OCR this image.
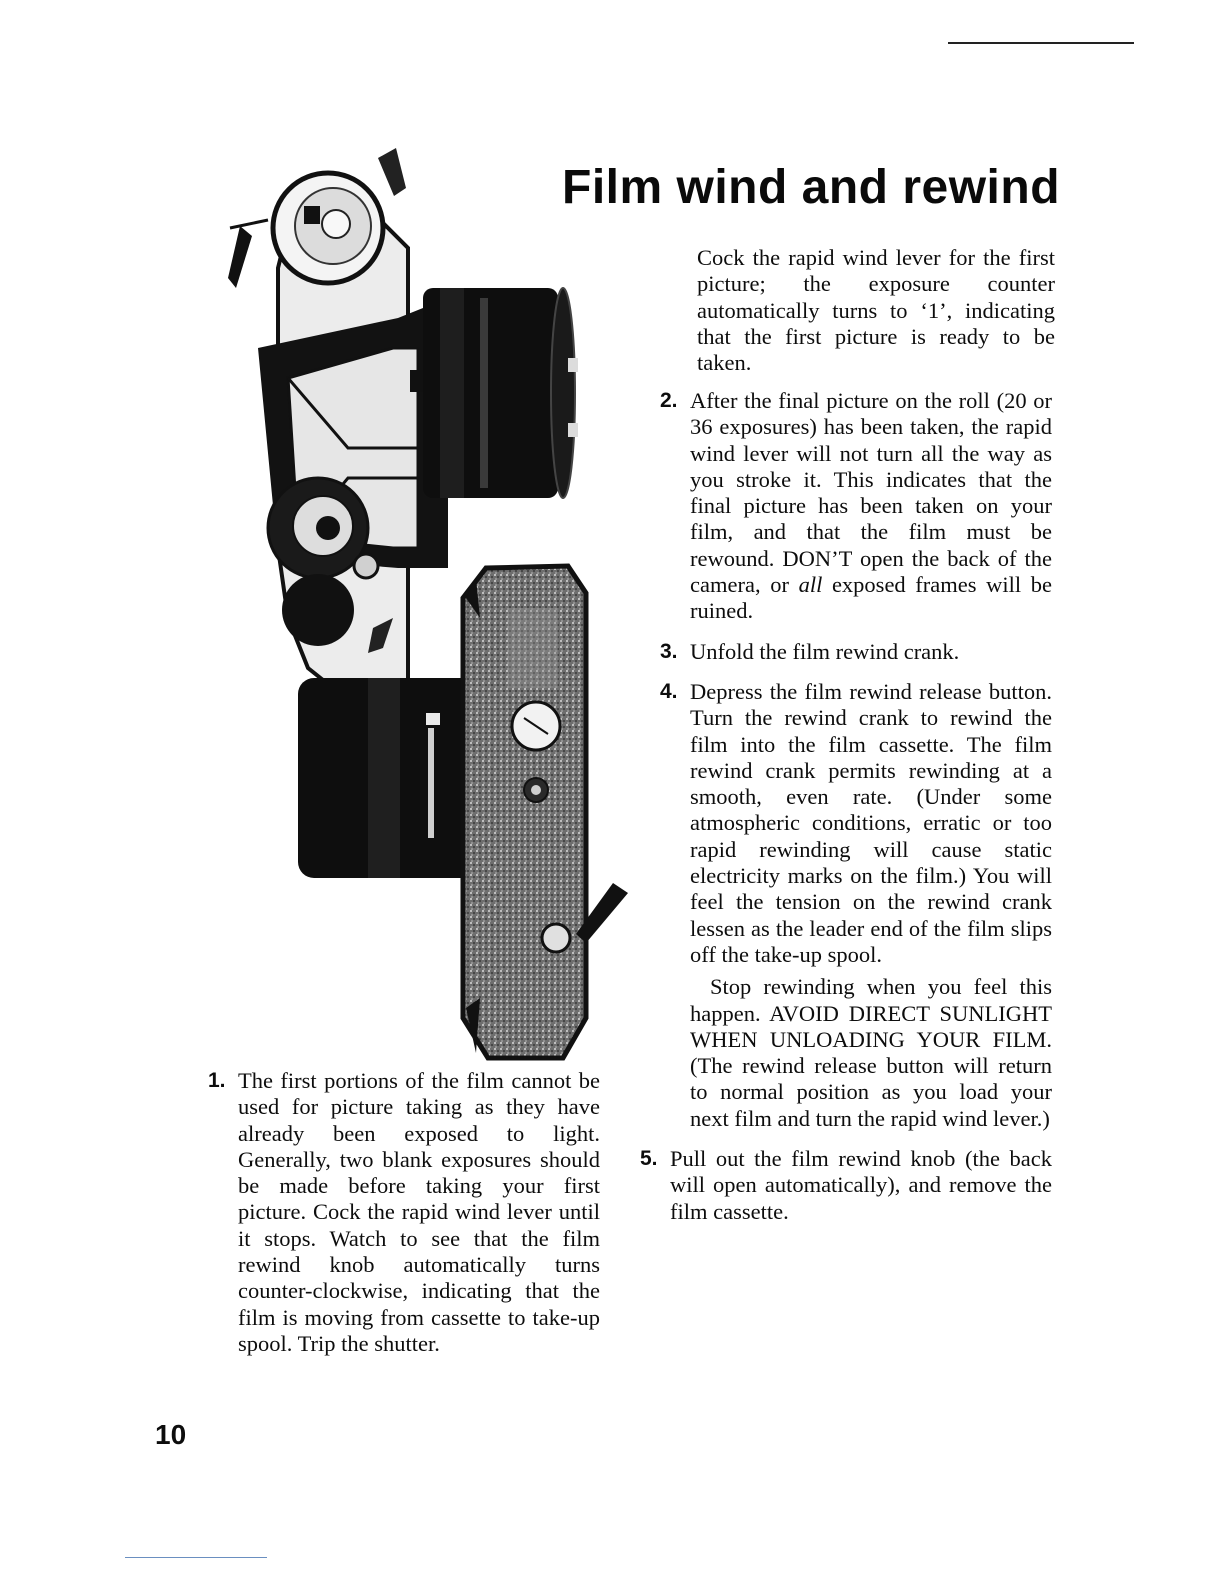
Film wind and rewind

Cock the rapid wind lever for the first picture; the exposure counter automatically turns to ‘1’, indicating that the first picture is ready to be taken.

2. After the final picture on the roll (20 or 36 exposures) has been taken, the rapid wind lever will not turn all the way as you stroke it. This indicates that the final picture has been taken on your film, and that the film must be rewound. DON’T open the back of the camera, or all exposed frames will be ruined.

3. Unfold the film rewind crank.

4. Depress the film rewind release button. Turn the rewind crank to rewind the film into the film cassette. The film rewind crank permits rewinding at a smooth, even rate. (Under some atmospheric conditions, erratic or too rapid rewinding will cause static electricity marks on the film.) You will feel the tension on the rewind crank lessen as the leader end of the film slips off the take-up spool.

Stop rewinding when you feel this happen. AVOID DIRECT SUNLIGHT WHEN UNLOADING YOUR FILM. (The rewind release button will return to normal position as you load your next film and turn the rapid wind lever.)

5. Pull out the film rewind knob (the back will open automatically), and remove the film cassette.

1. The first portions of the film cannot be used for picture taking as they have already been exposed to light. Generally, two blank exposures should be made before taking your first picture. Cock the rapid wind lever until it stops. Watch to see that the film rewind knob automatically turns counter-clockwise, indicating that the film is moving from cassette to take-up spool. Trip the shutter.

10
